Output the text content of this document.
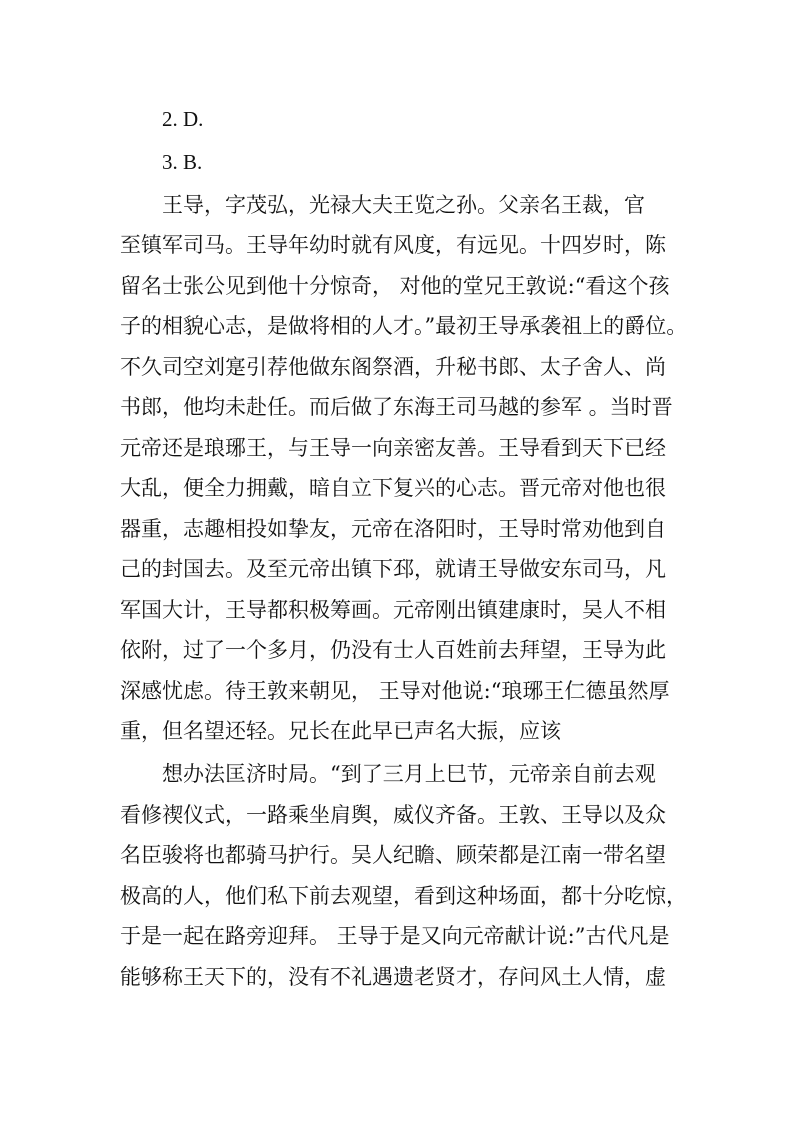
2. D.
3. B.
王导，字茂弘，光禄大夫王览之孙。父亲名王裁，官
至镇军司马。王导年幼时就有风度，有远见。十四岁时，陈
留名士张公见到他十分惊奇， 对他的堂兄王敦说:“看这个孩
子的相貌心志，是做将相的人才。”最初王导承袭祖上的爵位。
不久司空刘寔引荐他做东阁祭酒，升秘书郎、太子舍人、尚
书郎，他均未赴任。而后做了东海王司马越的参军 。当时晋
元帝还是琅琊王，与王导一向亲密友善。王导看到天下已经
大乱，便全力拥戴，暗自立下复兴的心志。晋元帝对他也很
器重，志趣相投如挚友，元帝在洛阳时，王导时常劝他到自
己的封国去。及至元帝出镇下邳，就请王导做安东司马，凡
军国大计，王导都积极筹画。元帝刚出镇建康时，吴人不相
依附，过了一个多月，仍没有士人百姓前去拜望，王导为此
深感忧虑。待王敦来朝见， 王导对他说:“琅琊王仁德虽然厚
重，但名望还轻。兄长在此早已声名大振，应该
想办法匡济时局。“到了三月上巳节，元帝亲自前去观
看修禊仪式，一路乘坐肩舆，威仪齐备。王敦、王导以及众
名臣骏将也都骑马护行。吴人纪瞻、顾荣都是江南一带名望
极高的人，他们私下前去观望，看到这种场面，都十分吃惊，
于是一起在路旁迎拜。 王导于是又向元帝献计说:”古代凡是
能够称王天下的，没有不礼遇遗老贤才，存问风土人情，虚
